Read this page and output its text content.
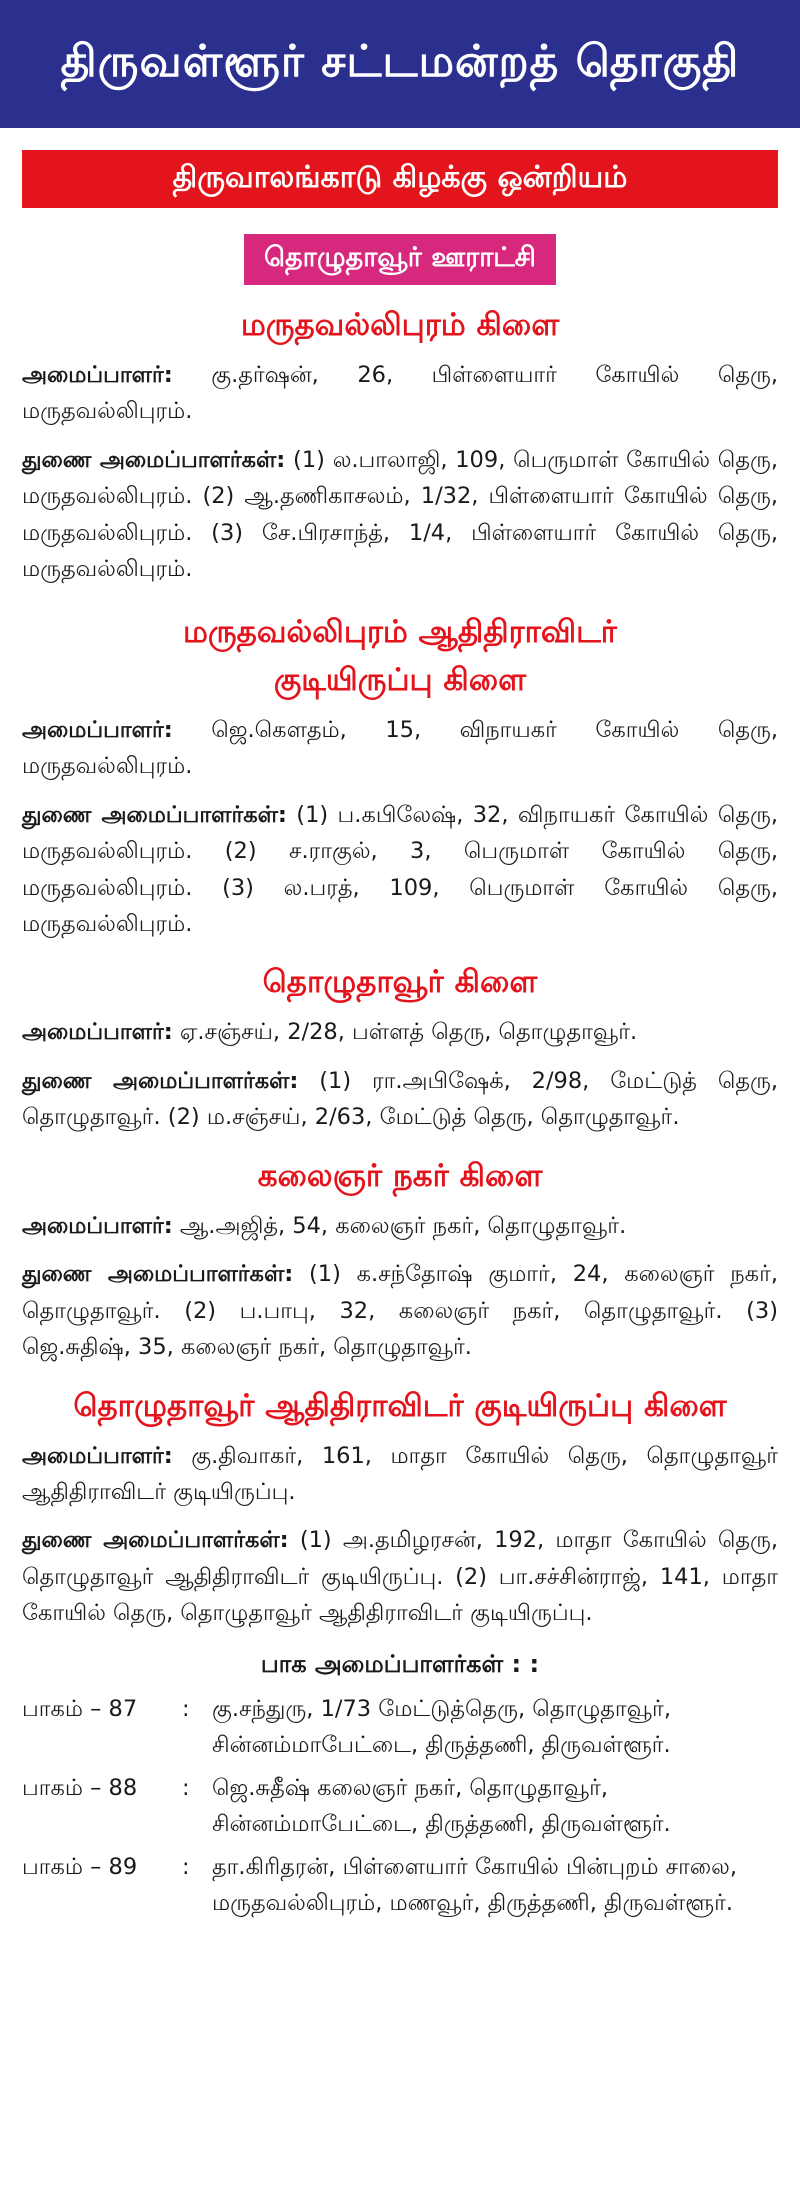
திருவள்ளூர் சட்டமன்றத் தொகுதி
திருவாலங்காடு கிழக்கு ஒன்றியம்
தொழுதாவூர் ஊராட்சி
மருதவல்லிபுரம் கிளை

அமைப்பாளர்: கு.தர்ஷன், 26, பிள்ளையார் கோயில் தெரு, மருதவல்லிபுரம்.

துணை அமைப்பாளர்கள்: (1) ல.பாலாஜி, 109, பெருமாள் கோயில் தெரு, மருதவல்லிபுரம். (2) ஆ.தணிகாசலம், 1/32, பிள்ளையார் கோயில் தெரு, மருதவல்லிபுரம். (3) சே.பிரசாந்த், 1/4, பிள்ளையார் கோயில் தெரு, மருதவல்லிபுரம்.

மருதவல்லிபுரம் ஆதிதிராவிடர்
குடியிருப்பு கிளை

அமைப்பாளர்: ஜெ.கௌதம், 15, விநாயகர் கோயில் தெரு, மருதவல்லிபுரம்.

துணை அமைப்பாளர்கள்: (1) ப.கபிலேஷ், 32, விநாயகர் கோயில் தெரு, மருதவல்லிபுரம். (2) ச.ராகுல், 3, பெருமாள் கோயில் தெரு, மருதவல்லிபுரம். (3) ல.பரத், 109, பெருமாள் கோயில் தெரு, மருதவல்லிபுரம்.

தொழுதாவூர் கிளை

அமைப்பாளர்: ஏ.சஞ்சய், 2/28, பள்ளத் தெரு, தொழுதாவூர்.

துணை அமைப்பாளர்கள்: (1) ரா.அபிஷேக், 2/98, மேட்டுத் தெரு, தொழுதாவூர். (2) ம.சஞ்சய், 2/63, மேட்டுத் தெரு, தொழுதாவூர்.

கலைஞர் நகர் கிளை

அமைப்பாளர்: ஆ.அஜித், 54, கலைஞர் நகர், தொழுதாவூர்.

துணை அமைப்பாளர்கள்: (1) க.சந்தோஷ் குமார், 24, கலைஞர் நகர், தொழுதாவூர். (2) ப.பாபு, 32, கலைஞர் நகர், தொழுதாவூர். (3) ஜெ.சுதிஷ், 35, கலைஞர் நகர், தொழுதாவூர்.

தொழுதாவூர் ஆதிதிராவிடர் குடியிருப்பு கிளை

அமைப்பாளர்: கு.திவாகர், 161, மாதா கோயில் தெரு, தொழுதாவூர் ஆதிதிராவிடர் குடியிருப்பு.

துணை அமைப்பாளர்கள்: (1) அ.தமிழரசன், 192, மாதா கோயில் தெரு, தொழுதாவூர் ஆதிதிராவிடர் குடியிருப்பு. (2) பா.சச்சின்ராஜ், 141, மாதா கோயில் தெரு, தொழுதாவூர் ஆதிதிராவிடர் குடியிருப்பு.

பாக அமைப்பாளர்கள் : :
பாகம் – 87	: கு.சந்துரு, 1/73 மேட்டுத்தெரு, தொழுதாவூர், சின்னம்மாபேட்டை, திருத்தணி, திருவள்ளூர்.
பாகம் – 88	: ஜெ.சுதீஷ் கலைஞர் நகர், தொழுதாவூர், சின்னம்மாபேட்டை, திருத்தணி, திருவள்ளூர்.
பாகம் – 89	: தா.கிரிதரன், பிள்ளையார் கோயில் பின்புறம் சாலை, மருதவல்லிபுரம், மணவூர், திருத்தணி, திருவள்ளூர்.
